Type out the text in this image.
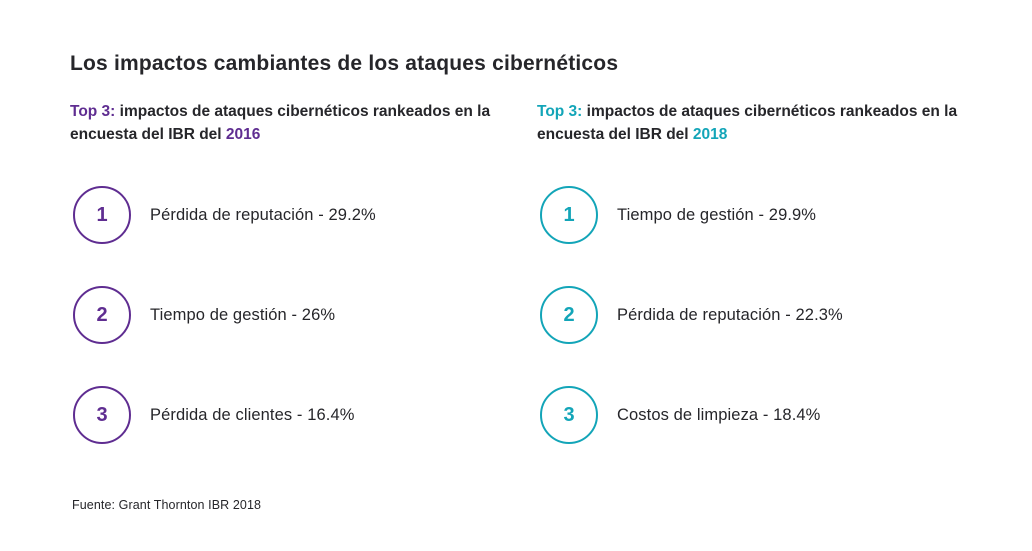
Los impactos cambiantes de los ataques cibernéticos

Top 3: impactos de ataques cibernéticos rankeados en la encuesta del IBR del 2016

Top 3: impactos de ataques cibernéticos rankeados en la encuesta del IBR del 2018

1	Pérdida de reputación - 29.2%
2	Tiempo de gestión - 26%
3	Pérdida de clientes - 16.4%
1	Tiempo de gestión - 29.9%
2	Pérdida de reputación - 22.3%
3	Costos de limpieza - 18.4%

Fuente: Grant Thornton IBR 2018
